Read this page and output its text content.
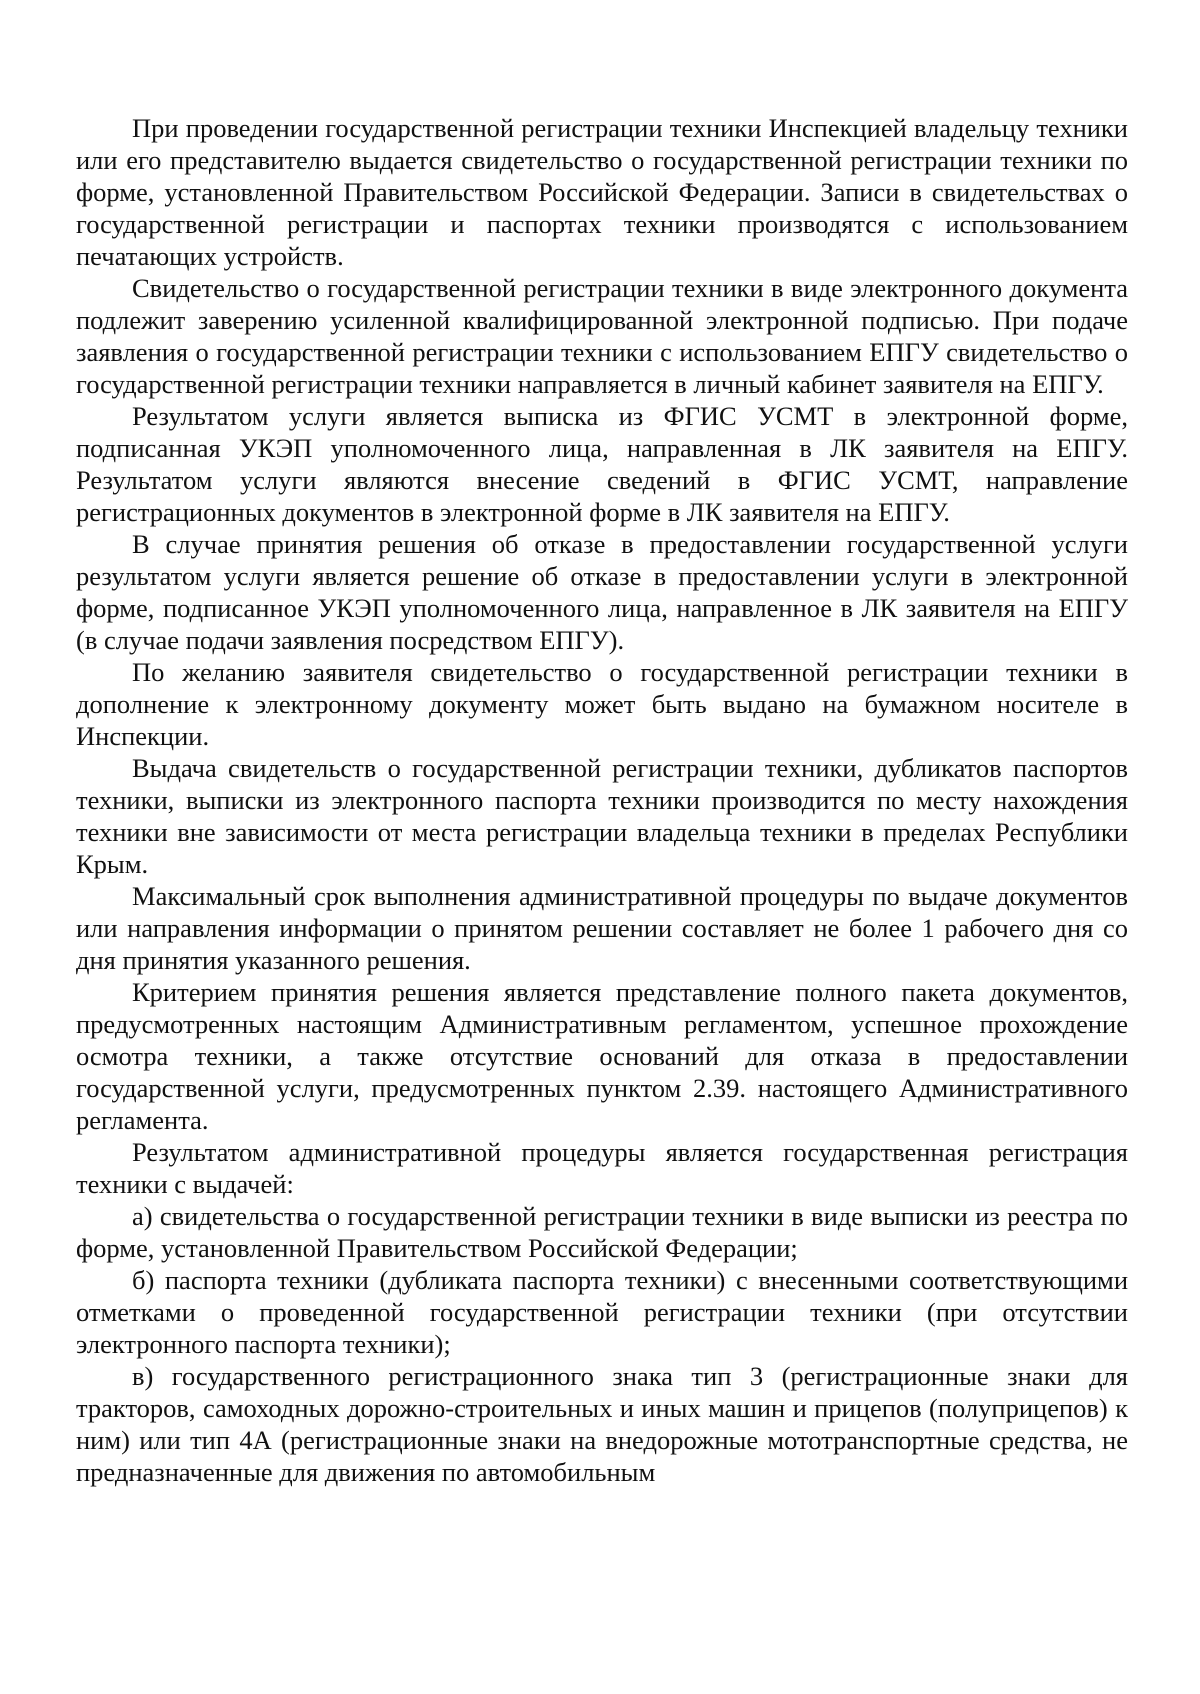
При проведении государственной регистрации техники Инспекцией владельцу техники или его представителю выдается свидетельство о государственной регистрации техники по форме, установленной Правительством Российской Федерации. Записи в свидетельствах о государственной регистрации и паспортах техники производятся с использованием печатающих устройств.

Свидетельство о государственной регистрации техники в виде электронного документа подлежит заверению усиленной квалифицированной электронной подписью. При подаче заявления о государственной регистрации техники с использованием ЕПГУ свидетельство о государственной регистрации техники направляется в личный кабинет заявителя на ЕПГУ.

Результатом услуги является выписка из ФГИС УСМТ в электронной форме, подписанная УКЭП уполномоченного лица, направленная в ЛК заявителя на ЕПГУ. Результатом услуги являются внесение сведений в ФГИС УСМТ, направление регистрационных документов в электронной форме в ЛК заявителя на ЕПГУ.

В случае принятия решения об отказе в предоставлении государственной услуги результатом услуги является решение об отказе в предоставлении услуги в электронной форме, подписанное УКЭП уполномоченного лица, направленное в ЛК заявителя на ЕПГУ (в случае подачи заявления посредством ЕПГУ).

По желанию заявителя свидетельство о государственной регистрации техники в дополнение к электронному документу может быть выдано на бумажном носителе в Инспекции.

Выдача свидетельств о государственной регистрации техники, дубликатов паспортов техники, выписки из электронного паспорта техники производится по месту нахождения техники вне зависимости от места регистрации владельца техники в пределах Республики Крым.

Максимальный срок выполнения административной процедуры по выдаче документов или направления информации о принятом решении составляет не более 1 рабочего дня со дня принятия указанного решения.

Критерием принятия решения является представление полного пакета документов, предусмотренных настоящим Административным регламентом, успешное прохождение осмотра техники, а также отсутствие оснований для отказа в предоставлении государственной услуги, предусмотренных пунктом 2.39. настоящего Административного регламента.

Результатом административной процедуры является государственная регистрация техники с выдачей:

а) свидетельства о государственной регистрации техники в виде выписки из реестра по форме, установленной Правительством Российской Федерации;

б) паспорта техники (дубликата паспорта техники) с внесенными соответствующими отметками о проведенной государственной регистрации техники (при отсутствии электронного паспорта техники);

в) государственного регистрационного знака тип 3 (регистрационные знаки для тракторов, самоходных дорожно-строительных и иных машин и прицепов (полуприцепов) к ним) или тип 4А (регистрационные знаки на внедорожные мототранспортные средства, не предназначенные для движения по автомобильным
